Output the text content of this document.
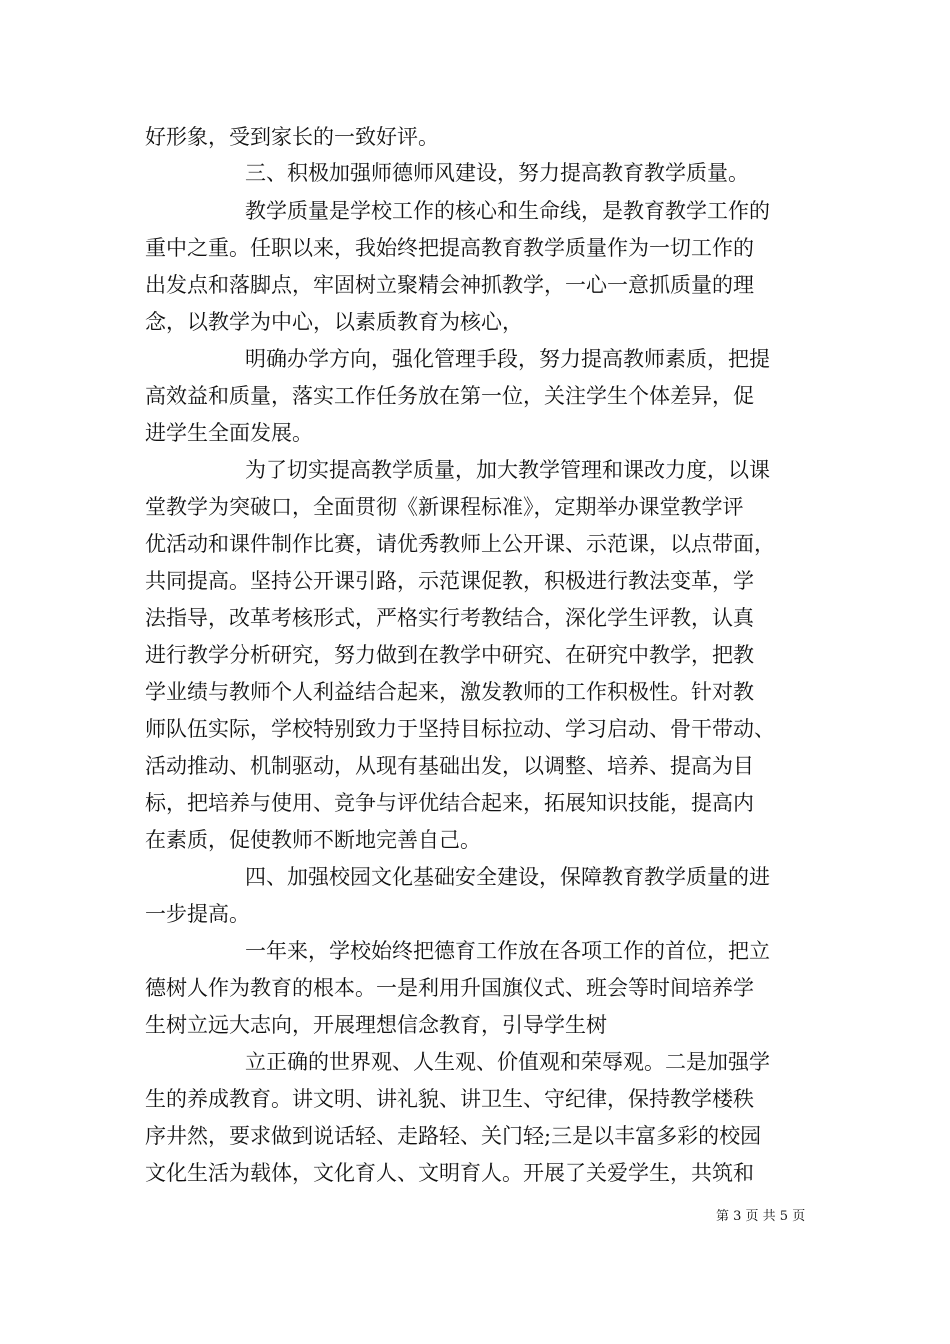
好形象，受到家长的一致好评。
三、积极加强师德师风建设，努力提高教育教学质量。
教学质量是学校工作的核心和生命线，是教育教学工作的
重中之重。任职以来，我始终把提高教育教学质量作为一切工作的
出发点和落脚点，牢固树立聚精会神抓教学，一心一意抓质量的理
念，以教学为中心，以素质教育为核心，
明确办学方向，强化管理手段，努力提高教师素质，把提
高效益和质量，落实工作任务放在第一位，关注学生个体差异，促
进学生全面发展。
为了切实提高教学质量，加大教学管理和课改力度，以课
堂教学为突破口，全面贯彻《新课程标准》，定期举办课堂教学评
优活动和课件制作比赛，请优秀教师上公开课、示范课，以点带面，
共同提高。坚持公开课引路，示范课促教，积极进行教法变革，学
法指导，改革考核形式，严格实行考教结合，深化学生评教，认真
进行教学分析研究，努力做到在教学中研究、在研究中教学，把教
学业绩与教师个人利益结合起来，激发教师的工作积极性。针对教
师队伍实际，学校特别致力于坚持目标拉动、学习启动、骨干带动、
活动推动、机制驱动，从现有基础出发，以调整、培养、提高为目
标，把培养与使用、竞争与评优结合起来，拓展知识技能，提高内
在素质，促使教师不断地完善自己。
四、加强校园文化基础安全建设，保障教育教学质量的进
一步提高。
一年来，学校始终把德育工作放在各项工作的首位，把立
德树人作为教育的根本。一是利用升国旗仪式、班会等时间培养学
生树立远大志向，开展理想信念教育，引导学生树
立正确的世界观、人生观、价值观和荣辱观。二是加强学
生的养成教育。讲文明、讲礼貌、讲卫生、守纪律，保持教学楼秩
序井然，要求做到说话轻、走路轻、关门轻;三是以丰富多彩的校园
文化生活为载体，文化育人、文明育人。开展了关爱学生，共筑和
第 3 页 共 5 页
